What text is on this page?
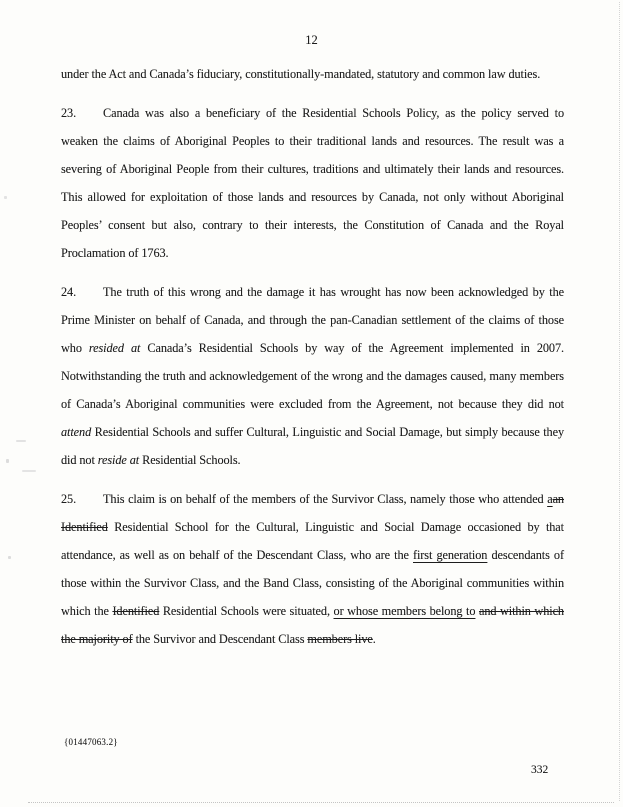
12

under the Act and Canada’s fiduciary, constitutionally-mandated, statutory and common law duties.

23. Canada was also a beneficiary of the Residential Schools Policy, as the policy served to weaken the claims of Aboriginal Peoples to their traditional lands and resources. The result was a severing of Aboriginal People from their cultures, traditions and ultimately their lands and resources. This allowed for exploitation of those lands and resources by Canada, not only without Aboriginal Peoples’ consent but also, contrary to their interests, the Constitution of Canada and the Royal Proclamation of 1763.

24. The truth of this wrong and the damage it has wrought has now been acknowledged by the Prime Minister on behalf of Canada, and through the pan-Canadian settlement of the claims of those who resided at Canada’s Residential Schools by way of the Agreement implemented in 2007. Notwithstanding the truth and acknowledgement of the wrong and the damages caused, many members of Canada’s Aboriginal communities were excluded from the Agreement, not because they did not attend Residential Schools and suffer Cultural, Linguistic and Social Damage, but simply because they did not reside at Residential Schools.

25. This claim is on behalf of the members of the Survivor Class, namely those who attended aan Identified Residential School for the Cultural, Linguistic and Social Damage occasioned by that attendance, as well as on behalf of the Descendant Class, who are the first generation descendants of those within the Survivor Class, and the Band Class, consisting of the Aboriginal communities within which the Identified Residential Schools were situated, or whose members belong to and within which the majority of the Survivor and Descendant Class members live.

{01447063.2}
332
